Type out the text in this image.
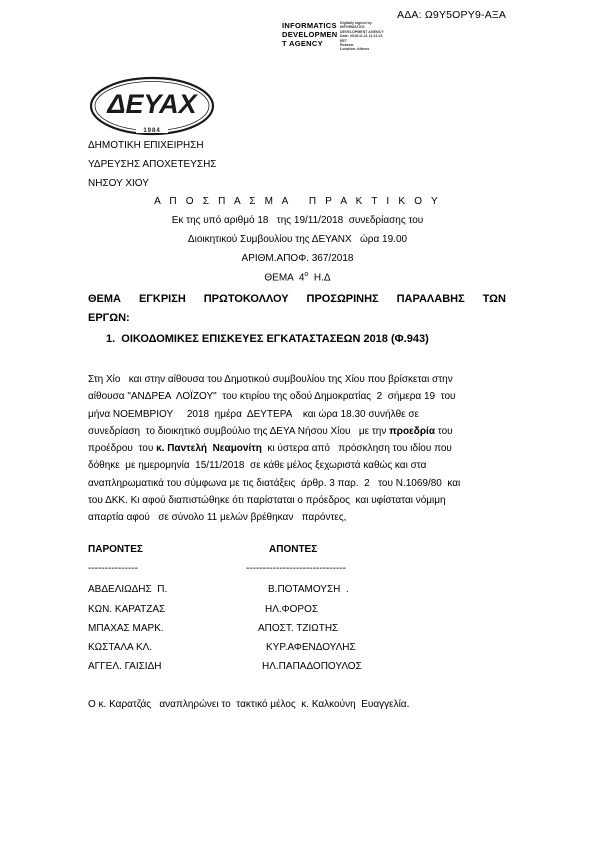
ΑΔΑ: Ω9Υ5ΟΡΥ9-ΑΞΑ
INFORMATICS
DEVELOPMEN
T AGENCY
Digitally signed by
INFORMATICS
DEVELOPMENT AGENCY
Date: 2018.11.21 11:11:21
EET
Reason:
Location: Athens
ΔΕΥΑΧ
1984
ΔΗΜΟΤΙΚΗ ΕΠΙΧΕΙΡΗΣΗ
ΥΔΡΕΥΣΗΣ ΑΠΟΧΕΤΕΥΣΗΣ
ΝΗΣΟΥ ΧΙΟΥ
Α Π Ο Σ Π Α Σ Μ Α   Π Ρ Α Κ Τ Ι Κ Ο Υ
Εκ της υπό αριθμό 18   της 19/11/2018  συνεδρίασης του
Διοικητικού Συμβουλίου της ΔΕΥΑΝΧ   ώρα 19.00
ΑΡΙΘΜ.ΑΠΟΦ. 367/2018
ΘΕΜΑ  $4^o$  Η.Δ
ΘΕΜΑ ΕΓΚΡΙΣΗ ΠΡΩΤΟΚΟΛΛΟΥ ΠΡΟΣΩΡΙΝΗΣ ΠΑΡΑΛΑΒΗΣ ΤΩΝ
ΕΡΓΩΝ:
1.  ΟΙΚΟΔΟΜΙΚΕΣ ΕΠΙΣΚΕΥΕΣ ΕΓΚΑΤΑΣΤΑΣΕΩΝ 2018 (Φ.943)

Στη Χίο   και στην αίθουσα του Δημοτικού συμβουλίου της Χίου που βρίσκεται στην

αίθουσα "ΑΝΔΡΕΑ  ΛΟΪΖΟΥ"  του κτιρίου της οδού Δημοκρατίας  2  σήμερα 19  του

μήνα ΝΟΕΜΒΡΙΟΥ     2018  ημέρα  ΔΕΥΤΕΡΑ    και ώρα 18.30 συνήλθε σε

συνεδρίαση  το διοικητικό συμβούλιο της ΔΕΥΑ Νήσου Χίου   με την προεδρία του

προέδρου  του κ. Παντελή  Νεαμονίτη  κι ύστερα από   πρόσκληση του ιδίου που

δόθηκε  με ημερομηνία  15/11/2018  σε κάθε μέλος ξεχωριστά καθώς και στα

αναπληρωματικά του σύμφωνα με τις διατάξεις  άρθρ. 3 παρ.  2   του Ν.1069/80  και

του ΔΚΚ. Κι αφού διαπιστώθηκε ότι παρίσταται ο πρόεδρος  και υφίσταται νόμιμη

απαρτία αφού   σε σύνολο 11 μελών βρέθηκαν   παρόντες,

ΠΑΡΟΝΤΕΣ	ΑΠΟΝΤΕΣ
---------------	------------------------------
ΑΒΔΕΛΙΩΔΗΣ  Π.
ΚΩΝ. ΚΑΡΑΤΖΑΣ
ΜΠΑΧΑΣ ΜΑΡΚ.
ΚΩΣΤΑΛΑ ΚΛ.
ΑΓΓΕΛ. ΓΑΙΣΙΔΗ
Β.ΠΟΤΑΜΟΥΣΗ  .
ΗΛ.ΦΟΡΟΣ
ΑΠΟΣΤ. ΤΖΙΩΤΗΣ
ΚΥΡ.ΑΦΕΝΔΟΥΛΗΣ
ΗΛ.ΠΑΠΑΔΟΠΟΥΛΟΣ
Ο κ. Καρατζάς   αναπληρώνει το  τακτικό μέλος  κ. Καλκούνη  Ευαγγελία.
